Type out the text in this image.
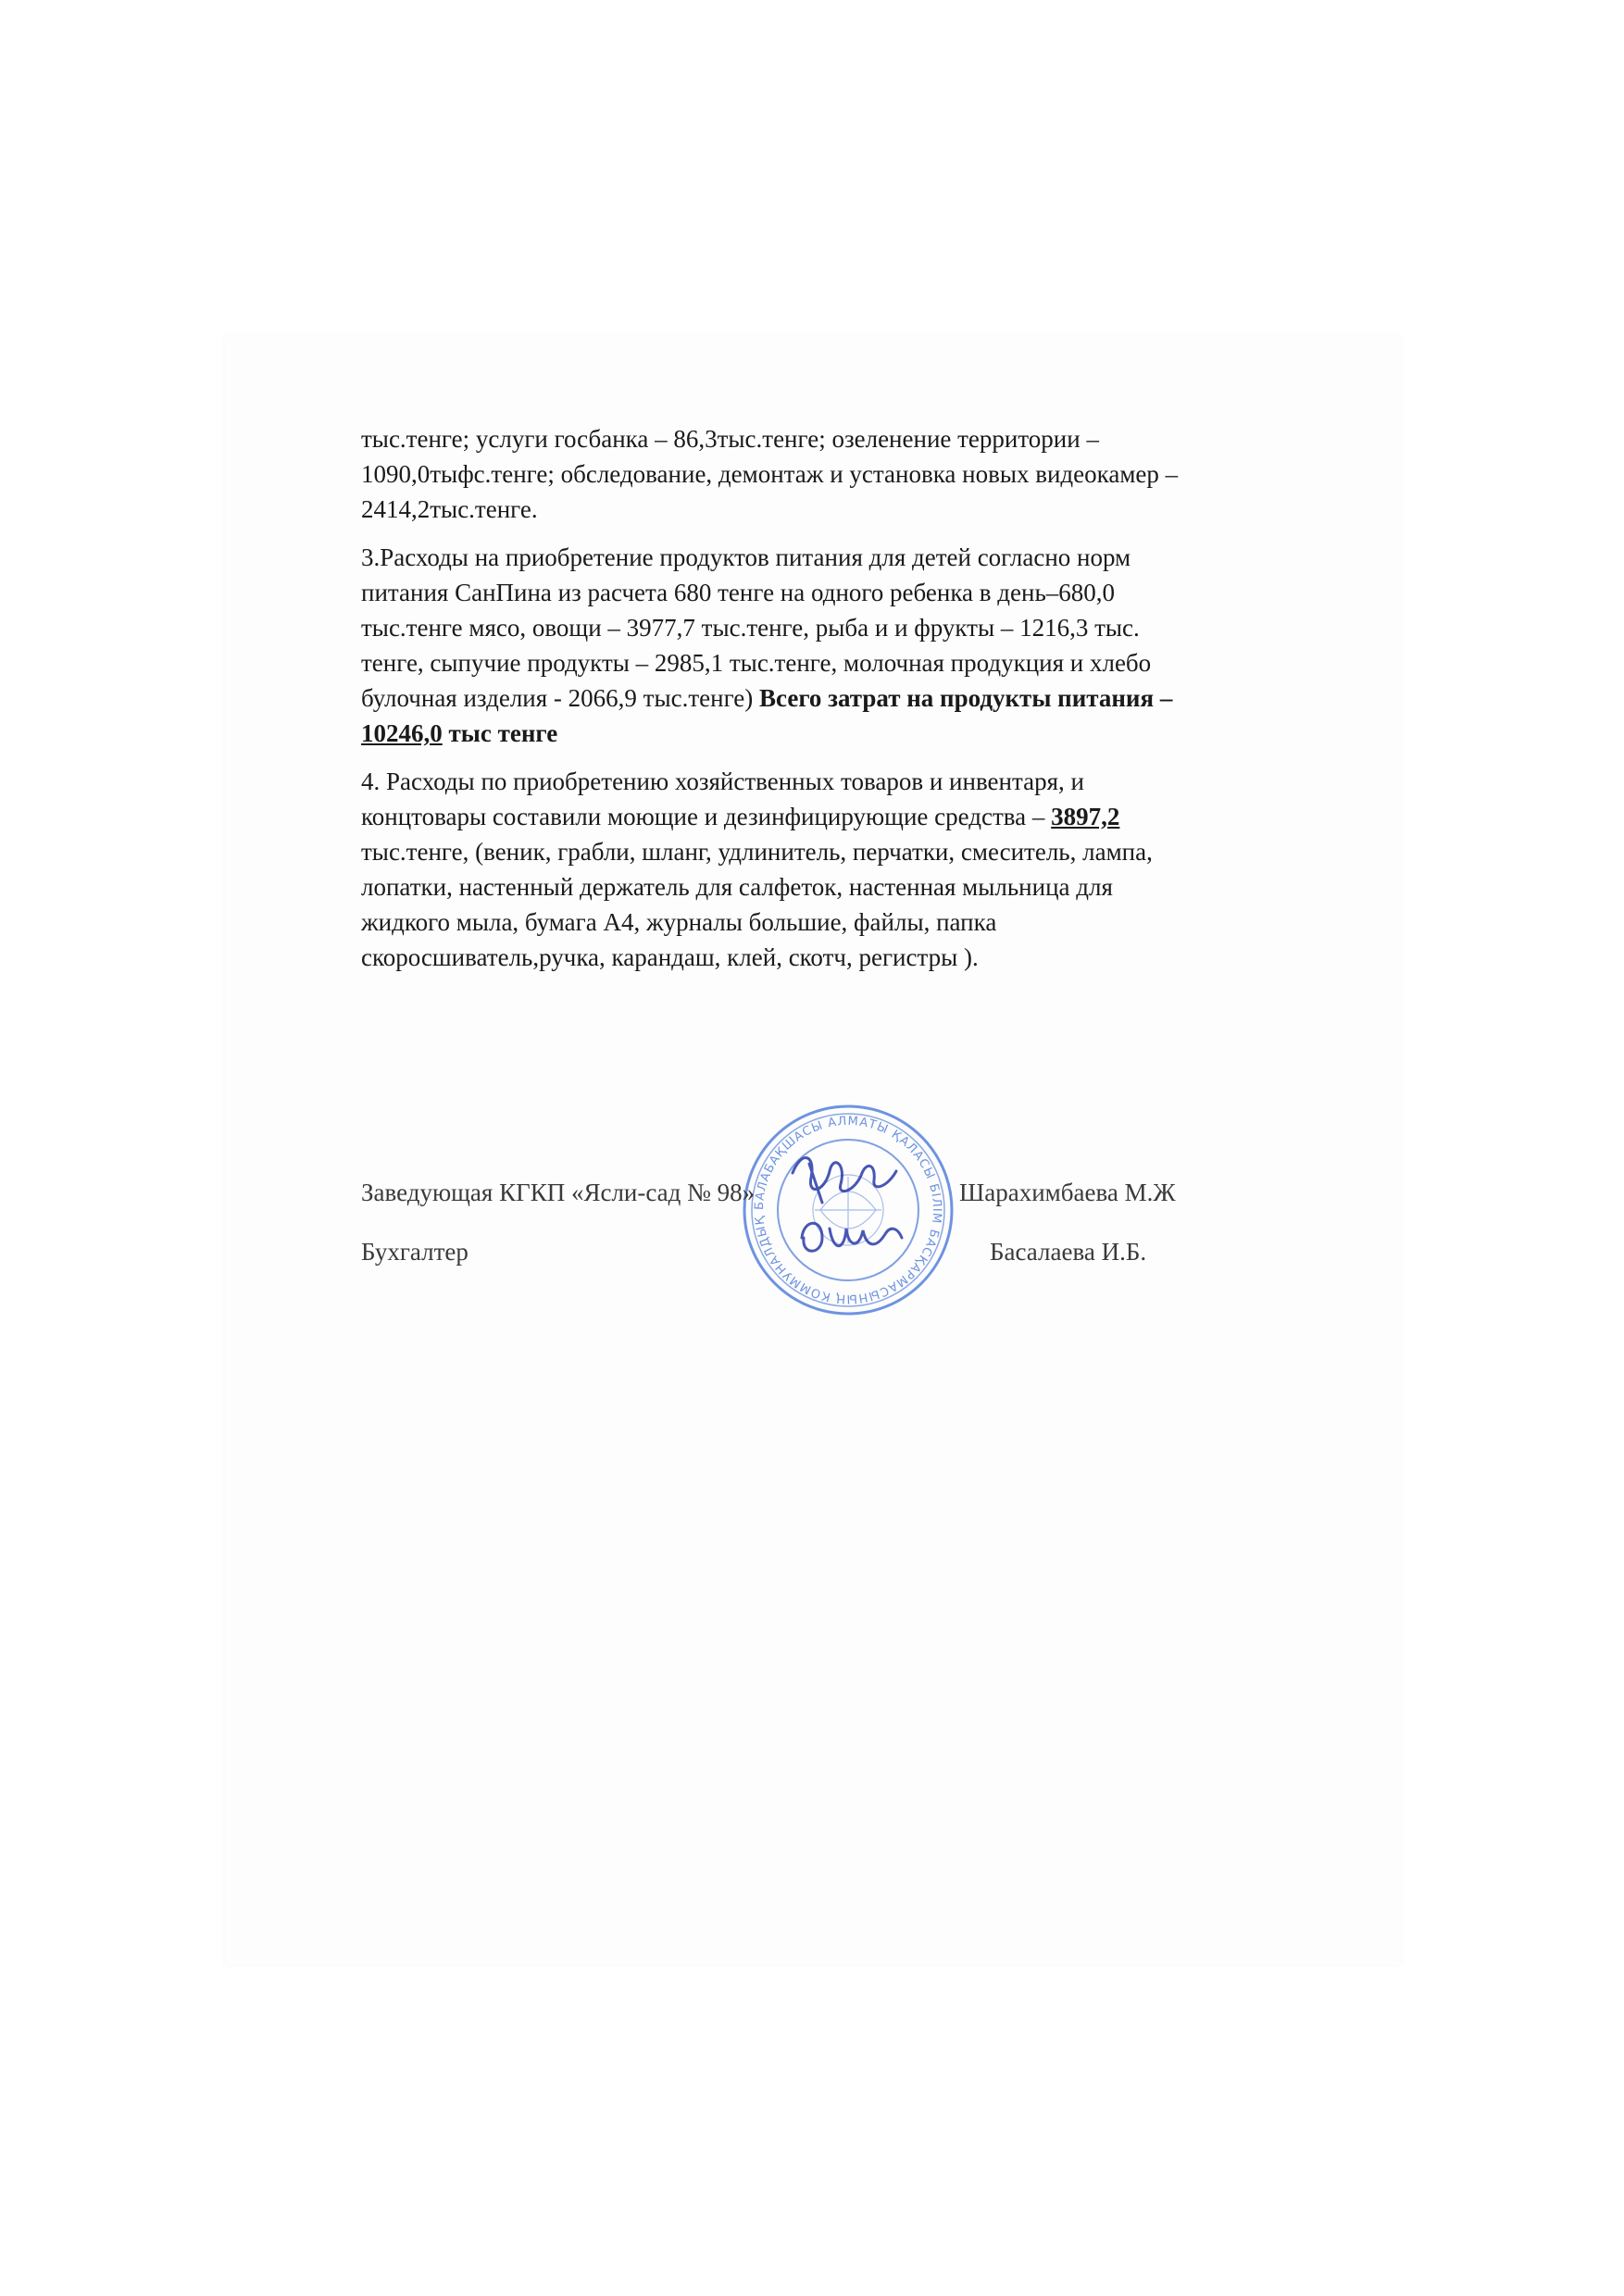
тыс.тенге; услуги госбанка – 86,3тыс.тенге; озеленение территории –
1090,0тыфс.тенге; обследование, демонтаж и установка новых видеокамер –
2414,2тыс.тенге.

3.Расходы на приобретение продуктов питания для детей согласно норм
питания СанПина из расчета 680 тенге на одного ребенка в день–680,0
тыс.тенге мясо, овощи – 3977,7 тыс.тенге, рыба и и фрукты – 1216,3 тыс.
тенге, сыпучие продукты – 2985,1 тыс.тенге, молочная продукция и хлебо
булочная изделия - 2066,9 тыс.тенге) Всего затрат на продукты питания –
10246,0 тыс тенге

4. Расходы по приобретению хозяйственных товаров и инвентаря, и
концтовары составили моющие и дезинфицирующие средства – 3897,2
тыс.тенге, (веник, грабли, шланг, удлинитель, перчатки, смеситель, лампа,
лопатки, настенный держатель для салфеток, настенная мыльница для
жидкого мыла, бумага А4, журналы большие, файлы, папка
скоросшиватель,ручка, карандаш, клей, скотч, регистры ).

БАЛАБАҚШАСЫ АЛМАТЫ ҚАЛАСЫ БІЛІМ БАСҚАРМАСЫНЫҢ КОММУНАЛДЫҚ
Заведующая КГКП «Ясли-сад № 98»	Шарахимбаева М.Ж
Бухгалтер	Басалаева И.Б.
